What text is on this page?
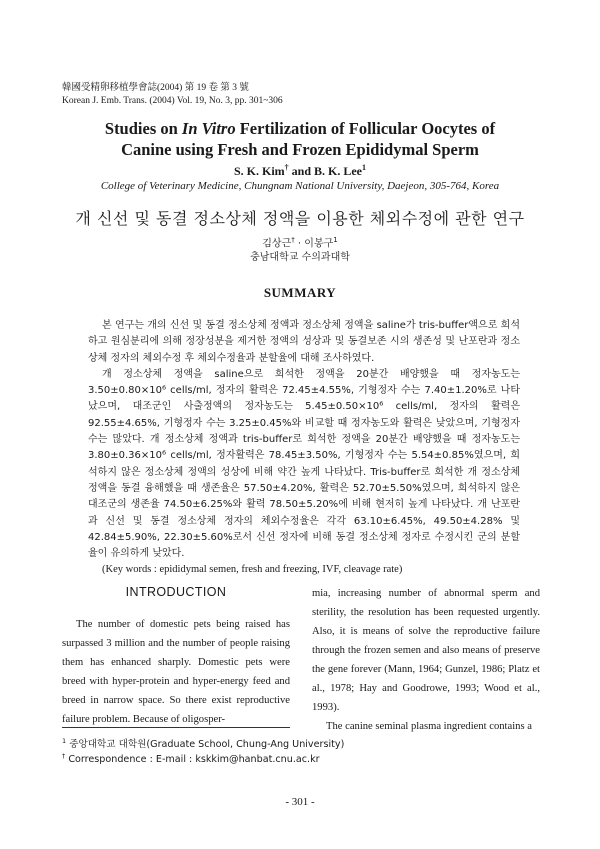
韓國受精卵移植學會誌(2004) 第 19 卷 第 3 號
Korean J. Emb. Trans. (2004) Vol. 19, No. 3, pp. 301~306
Studies on In Vitro Fertilization of Follicular Oocytes of
Canine using Fresh and Frozen Epididymal Sperm
S. K. Kim† and B. K. Lee$^1$
College of Veterinary Medicine, Chungnam National University, Daejeon, 305-764, Korea
개 신선 및 동결 정소상체 정액을 이용한 체외수정에 관한 연구
김상근† · 이봉구$^1$
충남대학교 수의과대학
SUMMARY

본 연구는 개의 신선 및 동결 정소상체 정액과 정소상체 정액을 saline가 tris-buffer액으로 희석하고 원심분리에 의해 정장성분을 제거한 정액의 성상과 및 동결보존 시의 생존성 및 난포란과 정소상체 정자의 체외수정 후 체외수정율과 분할율에 대해 조사하였다.

개 정소상체 정액을 saline으로 희석한 정액을 20분간 배양했을 때 정자농도는 3.50±0.80×10⁶ cells/ml, 정자의 활력은 72.45±4.55%, 기형정자 수는 7.40±1.20%로 나타났으며, 대조군인 사출정액의 정자농도는 5.45±0.50×10⁶ cells/ml, 정자의 활력은 92.55±4.65%, 기형정자 수는 3.25±0.45%와 비교할 때 정자농도와 활력은 낮았으며, 기형정자 수는 많았다. 개 정소상체 정액과 tris-buffer로 희석한 정액을 20분간 배양했을 때 정자농도는 3.80±0.36×10⁶ cells/ml, 정자활력은 78.45±3.50%, 기형정자 수는 5.54±0.85%였으며, 희석하지 않은 정소상체 정액의 성상에 비해 약간 높게 나타났다. Tris-buffer로 희석한 개 정소상체 정액을 동결 융해했을 때 생존율은 57.50±4.20%, 활력은 52.70±5.50%였으며, 희석하지 않은 대조군의 생존율 74.50±6.25%와 활력 78.50±5.20%에 비해 현저히 높게 나타났다. 개 난포란과 신선 및 동결 정소상체 정자의 체외수정율은 각각 63.10±6.45%, 49.50±4.28% 및 42.84±5.90%, 22.30±5.60%로서 신선 정자에 비해 동결 정소상체 정자로 수정시킨 군의 분할율이 유의하게 낮았다.

(Key words : epididymal semen, fresh and freezing, IVF, cleavage rate)

INTRODUCTION

The number of domestic pets being raised has surpassed 3 million and the number of people raising them has enhanced sharply. Domestic pets were breed with hyper-protein and hyper-energy feed and breed in narrow space. So there exist reproductive failure problem. Because of oligosper-

mia, increasing number of abnormal sperm and sterility, the resolution has been requested urgently. Also, it is means of solve the reproductive failure through the frozen semen and also means of preserve the gene forever (Mann, 1964; Gunzel, 1986; Platz et al., 1978; Hay and Goodrowe, 1993; Wood et al., 1993).

The canine seminal plasma ingredient contains a

$^1$ 중앙대학교 대학원(Graduate School, Chung-Ang University)
† Correspondence : E-mail : kskkim@hanbat.cnu.ac.kr
- 301 -
